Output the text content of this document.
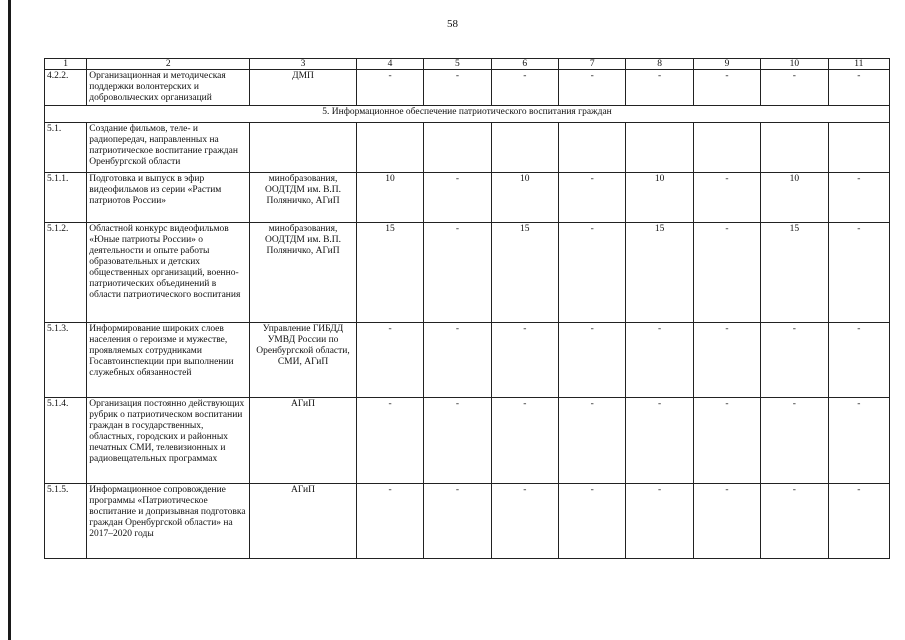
58
1	2	3	4	5	6	7	8	9	10	11
4.2.2.	Организационная и методическая поддержки волонтерских и добровольческих организаций	ДМП	-	-	-	-	-	-	-	-
5. Информационное обеспечение патриотического воспитания граждан										
5.1.	Создание фильмов, теле- и радиопередач, направленных на патриотическое воспитание граждан Оренбургской области									
5.1.1.	Подготовка и выпуск в эфир видеофильмов из серии «Растим патриотов России»	минобразования, ООДТДМ им. В.П. Поляничко, АГиП	10	-	10	-	10	-	10	-
5.1.2.	Областной конкурс видеофильмов «Юные патриоты России» о деятельности и опыте работы образовательных и детских общественных организаций, военно-патриотических объединений в области патриотического воспитания	минобразования, ООДТДМ им. В.П. Поляничко, АГиП	15	-	15	-	15	-	15	-
5.1.3.	Информирование широких слоев населения о героизме и мужестве, проявляемых сотрудниками Госавтоинспекции при выполнении служебных обязанностей	Управление ГИБДД УМВД России по Оренбургской области, СМИ, АГиП	-	-	-	-	-	-	-	-
5.1.4.	Организация постоянно действующих рубрик о патриотическом воспитании граждан в государственных, областных, городских и районных печатных СМИ, телевизионных и радиовещательных программах	АГиП	-	-	-	-	-	-	-	-
5.1.5.	Информационное сопровождение программы «Патриотическое воспитание и допризывная подготовка граждан Оренбургской области» на 2017–2020 годы	АГиП	-	-	-	-	-	-	-	-
